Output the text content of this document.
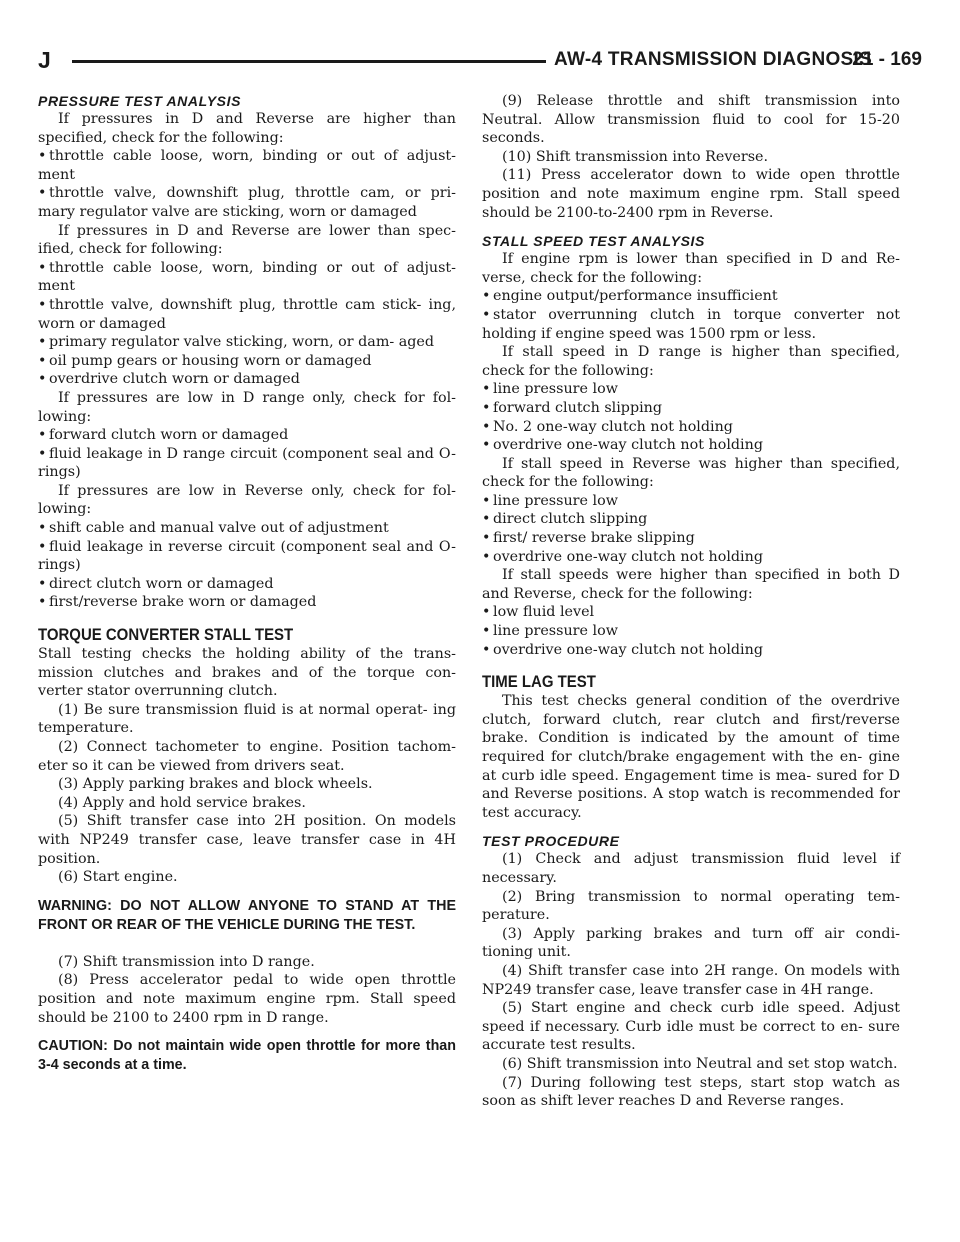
J	AW-4 TRANSMISSION DIAGNOSIS
21 - 169
PRESSURE TEST ANALYSIS

If pressures in D and Reverse are higher than specified, check for the following:

• throttle cable loose, worn, binding or out of adjust- ment

• throttle valve, downshift plug, throttle cam, or pri- mary regulator valve are sticking, worn or damaged

If pressures in D and Reverse are lower than spec- ified, check for following:

• throttle cable loose, worn, binding or out of adjust- ment

• throttle valve, downshift plug, throttle cam stick- ing, worn or damaged

• primary regulator valve sticking, worn, or dam- aged

• oil pump gears or housing worn or damaged

• overdrive clutch worn or damaged

If pressures are low in D range only, check for fol- lowing:

• forward clutch worn or damaged

• fluid leakage in D range circuit (component seal and O-rings)

If pressures are low in Reverse only, check for fol- lowing:

• shift cable and manual valve out of adjustment

• fluid leakage in reverse circuit (component seal and O-rings)

• direct clutch worn or damaged

• first/reverse brake worn or damaged

TORQUE CONVERTER STALL TEST

Stall testing checks the holding ability of the trans- mission clutches and brakes and of the torque con- verter stator overrunning clutch.

(1) Be sure transmission fluid is at normal operat- ing temperature.

(2) Connect tachometer to engine. Position tachom- eter so it can be viewed from drivers seat.

(3) Apply parking brakes and block wheels.

(4) Apply and hold service brakes.

(5) Shift transfer case into 2H position. On models with NP249 transfer case, leave transfer case in 4H position.

(6) Start engine.

WARNING: DO NOT ALLOW ANYONE TO STAND AT THE FRONT OR REAR OF THE VEHICLE DURING THE TEST.

(7) Shift transmission into D range.

(8) Press accelerator pedal to wide open throttle position and note maximum engine rpm. Stall speed should be 2100 to 2400 rpm in D range.

CAUTION: Do not maintain wide open throttle for more than 3-4 seconds at a time.

(9) Release throttle and shift transmission into Neutral. Allow transmission fluid to cool for 15-20 seconds.

(10) Shift transmission into Reverse.

(11) Press accelerator down to wide open throttle position and note maximum engine rpm. Stall speed should be 2100-to-2400 rpm in Reverse.

STALL SPEED TEST ANALYSIS

If engine rpm is lower than specified in D and Re- verse, check for the following:

• engine output/performance insufficient

• stator overrunning clutch in torque converter not holding if engine speed was 1500 rpm or less.

If stall speed in D range is higher than specified, check for the following:

• line pressure low

• forward clutch slipping

• No. 2 one-way clutch not holding

• overdrive one-way clutch not holding

If stall speed in Reverse was higher than specified, check for the following:

• line pressure low

• direct clutch slipping

• first/ reverse brake slipping

• overdrive one-way clutch not holding

If stall speeds were higher than specified in both D and Reverse, check for the following:

• low fluid level

• line pressure low

• overdrive one-way clutch not holding

TIME LAG TEST

This test checks general condition of the overdrive clutch, forward clutch, rear clutch and first/reverse brake. Condition is indicated by the amount of time required for clutch/brake engagement with the en- gine at curb idle speed. Engagement time is mea- sured for D and Reverse positions. A stop watch is recommended for test accuracy.

TEST PROCEDURE

(1) Check and adjust transmission fluid level if necessary.

(2) Bring transmission to normal operating tem- perature.

(3) Apply parking brakes and turn off air condi- tioning unit.

(4) Shift transfer case into 2H range. On models with NP249 transfer case, leave transfer case in 4H range.

(5) Start engine and check curb idle speed. Adjust speed if necessary. Curb idle must be correct to en- sure accurate test results.

(6) Shift transmission into Neutral and set stop watch.

(7) During following test steps, start stop watch as soon as shift lever reaches D and Reverse ranges.
